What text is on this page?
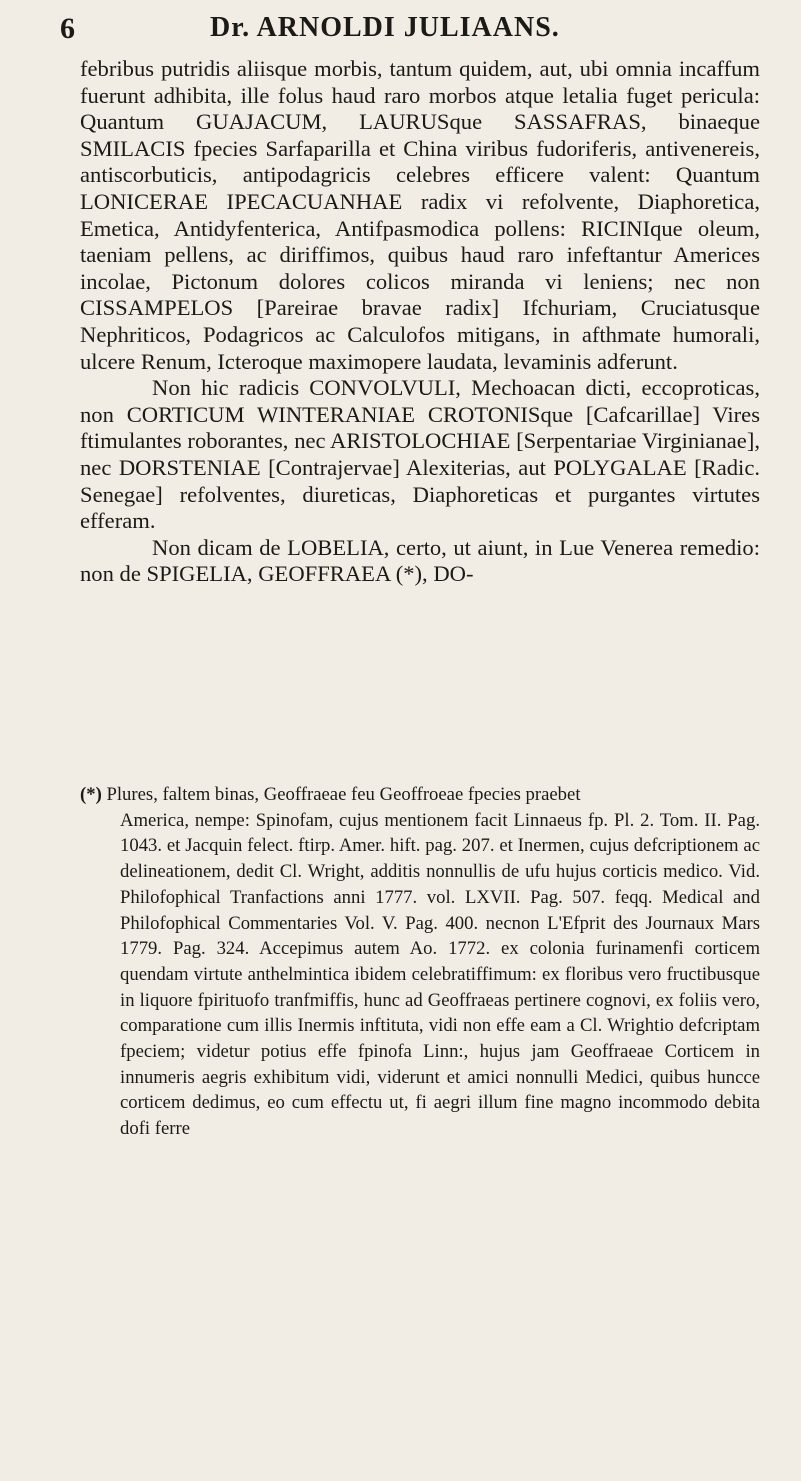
6	Dr. ARNOLDI JULIAANS.

febribus putridis aliisque morbis, tantum quidem, aut, ubi omnia incaffum fuerunt adhibita, ille folus haud raro morbos atque letalia fuget pericula: Quantum GUAJACUM, LAURUSque SASSAFRAS, binaeque SMILACIS fpecies Sarfaparilla et China viribus fudoriferis, antivenereis, antiscorbuticis, antipodagricis celebres efficere valent: Quantum LONICERAE IPECACUANHAE radix vi refolvente, Diaphoretica, Emetica, Antidyfenterica, Antifpasmodica pollens: RICINIque oleum, taeniam pellens, ac diriffimos, quibus haud raro infeftantur Americes incolae, Pictonum dolores colicos miranda vi leniens; nec non CISSAMPELOS [Pareirae bravae radix] Ifchuriam, Cruciatusque Nephriticos, Podagricos ac Calculofos mitigans, in afthmate humorali, ulcere Renum, Icteroque maximopere laudata, levaminis adferunt.

Non hic radicis CONVOLVULI, Mechoacan dicti, eccoproticas, non CORTICUM WINTERANIAE CROTONISque [Cafcarillae] Vires ftimulantes roborantes, nec ARISTOLOCHIAE [Serpentariae Virginianae], nec DORSTENIAE [Contrajervae] Alexiterias, aut POLYGALAE [Radic. Senegae] refolventes, diureticas, Diaphoreticas et purgantes virtutes efferam.

Non dicam de LOBELIA, certo, ut aiunt, in Lue Venerea remedio: non de SPIGELIA, GEOFFRAEA (*), DO-

(*) Plures, faltem binas, Geoffraeae feu Geoffroeae fpecies praebet

America, nempe: Spinofam, cujus mentionem facit Linnaeus fp. Pl. 2. Tom. II. Pag. 1043. et Jacquin felect. ftirp. Amer. hift. pag. 207. et Inermen, cujus defcriptionem ac delineationem, dedit Cl. Wright, additis nonnullis de ufu hujus corticis medico. Vid. Philofophical Tranfactions anni 1777. vol. LXVII. Pag. 507. feqq. Medical and Philofophical Commentaries Vol. V. Pag. 400. necnon L'Efprit des Journaux Mars 1779. Pag. 324. Accepimus autem Ao. 1772. ex colonia furinamenfi corticem quendam virtute anthelmintica ibidem celebratiffimum: ex floribus vero fructibusque in liquore fpirituofo tranfmiffis, hunc ad Geoffraeas pertinere cognovi, ex foliis vero, comparatione cum illis Inermis inftituta, vidi non effe eam a Cl. Wrightio defcriptam fpeciem; videtur potius effe fpinofa Linn:, hujus jam Geoffraeae Corticem in innumeris aegris exhibitum vidi, viderunt et amici nonnulli Medici, quibus huncce corticem dedimus, eo cum effectu ut, fi aegri illum fine magno incommodo debita dofi ferre
